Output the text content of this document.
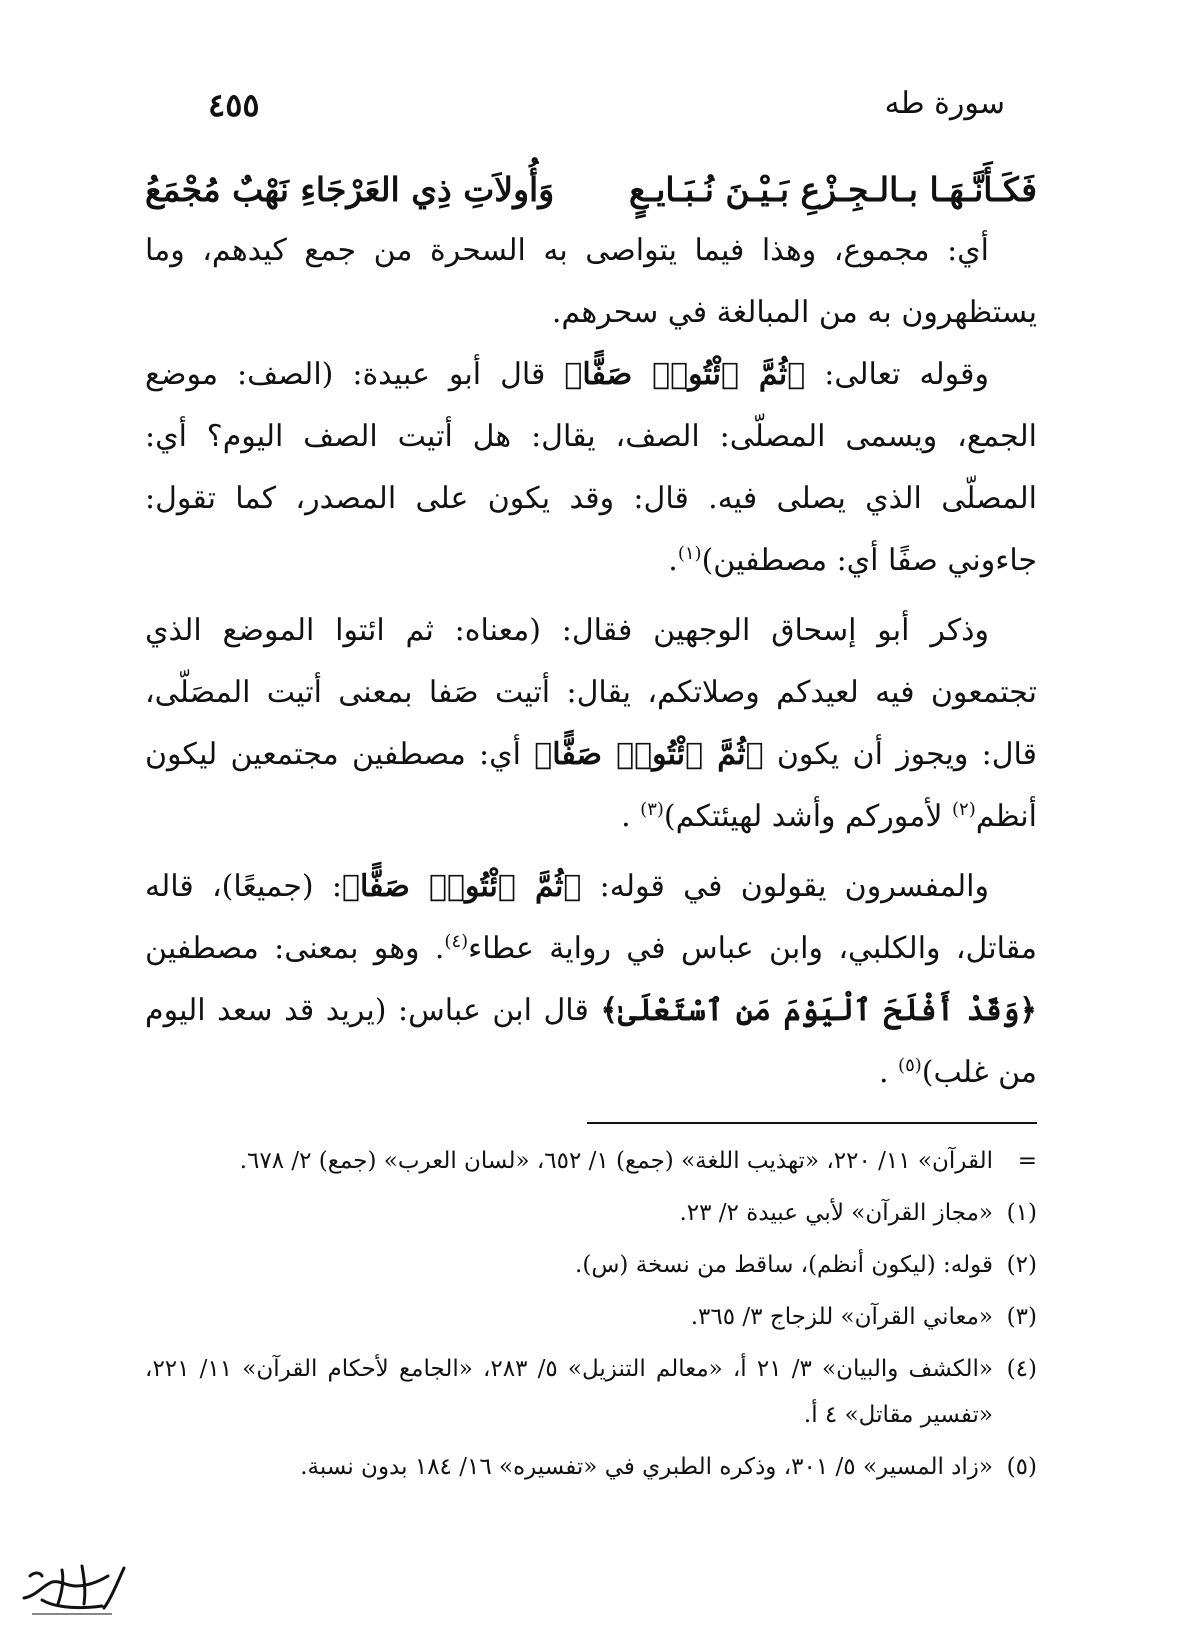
سورة طه
٤٥٥
فَكَـأَنَّـهَـا بـالـجِـزْعِ بَـيْـنَ نُـبَـايـعٍ
وَأُولاَتِ ذِي العَرْجَاءِ نَهْبٌ مُجْمَعُ

أي: مجموع، وهذا فيما يتواصى به السحرة من جمع كيدهم، وما يستظهرون به من المبالغة في سحرهم.

وقوله تعالى: ﴿ثُمَّ ٱئْتُوا۟ صَفًّا﴾ قال أبو عبيدة: (الصف: موضع الجمع، ويسمى المصلّى: الصف، يقال: هل أتيت الصف اليوم؟ أي: المصلّى الذي يصلى فيه. قال: وقد يكون على المصدر، كما تقول: جاءوني صفًا أي: مصطفين)$^{(١)}$.

وذكر أبو إسحاق الوجهين فقال: (معناه: ثم ائتوا الموضع الذي تجتمعون فيه لعيدكم وصلاتكم، يقال: أتيت صَفا بمعنى أتيت المصَلّى، قال: ويجوز أن يكون ﴿ثُمَّ ٱئْتُوا۟ صَفًّا﴾ أي: مصطفين مجتمعين ليكون أنظم$^{(٢)}$ لأموركم وأشد لهيئتكم)$^{(٣)}$ .

والمفسرون يقولون في قوله: ﴿ثُمَّ ٱئْتُوا۟ صَفًّا﴾: (جميعًا)، قاله مقاتل، والكلبي، وابن عباس في رواية عطاء$^{(٤)}$. وهو بمعنى: مصطفين ﴿وَقَدْ أَفْلَحَ ٱلْيَوْمَ مَنِ ٱسْتَعْلَىٰ﴾ قال ابن عباس: (يريد قد سعد اليوم من غلب)$^{(٥)}$ .

=
القرآن» ١١/ ٢٢٠، «تهذيب اللغة» (جمع) ١/ ٦٥٢، «لسان العرب» (جمع) ٢/ ٦٧٨.

(١)
«مجاز القرآن» لأبي عبيدة ٢/ ٢٣.

(٢)
قوله: (ليكون أنظم)، ساقط من نسخة (س).

(٣)
«معاني القرآن» للزجاج ٣/ ٣٦٥.

(٤)
«الكشف والبيان» ٣/ ٢١ أ، «معالم التنزيل» ٥/ ٢٨٣، «الجامع لأحكام القرآن» ١١/ ٢٢١، «تفسير مقاتل» ٤ أ.

(٥)
«زاد المسير» ٥/ ٣٠١، وذكره الطبري في «تفسيره» ١٦/ ١٨٤ بدون نسبة.
